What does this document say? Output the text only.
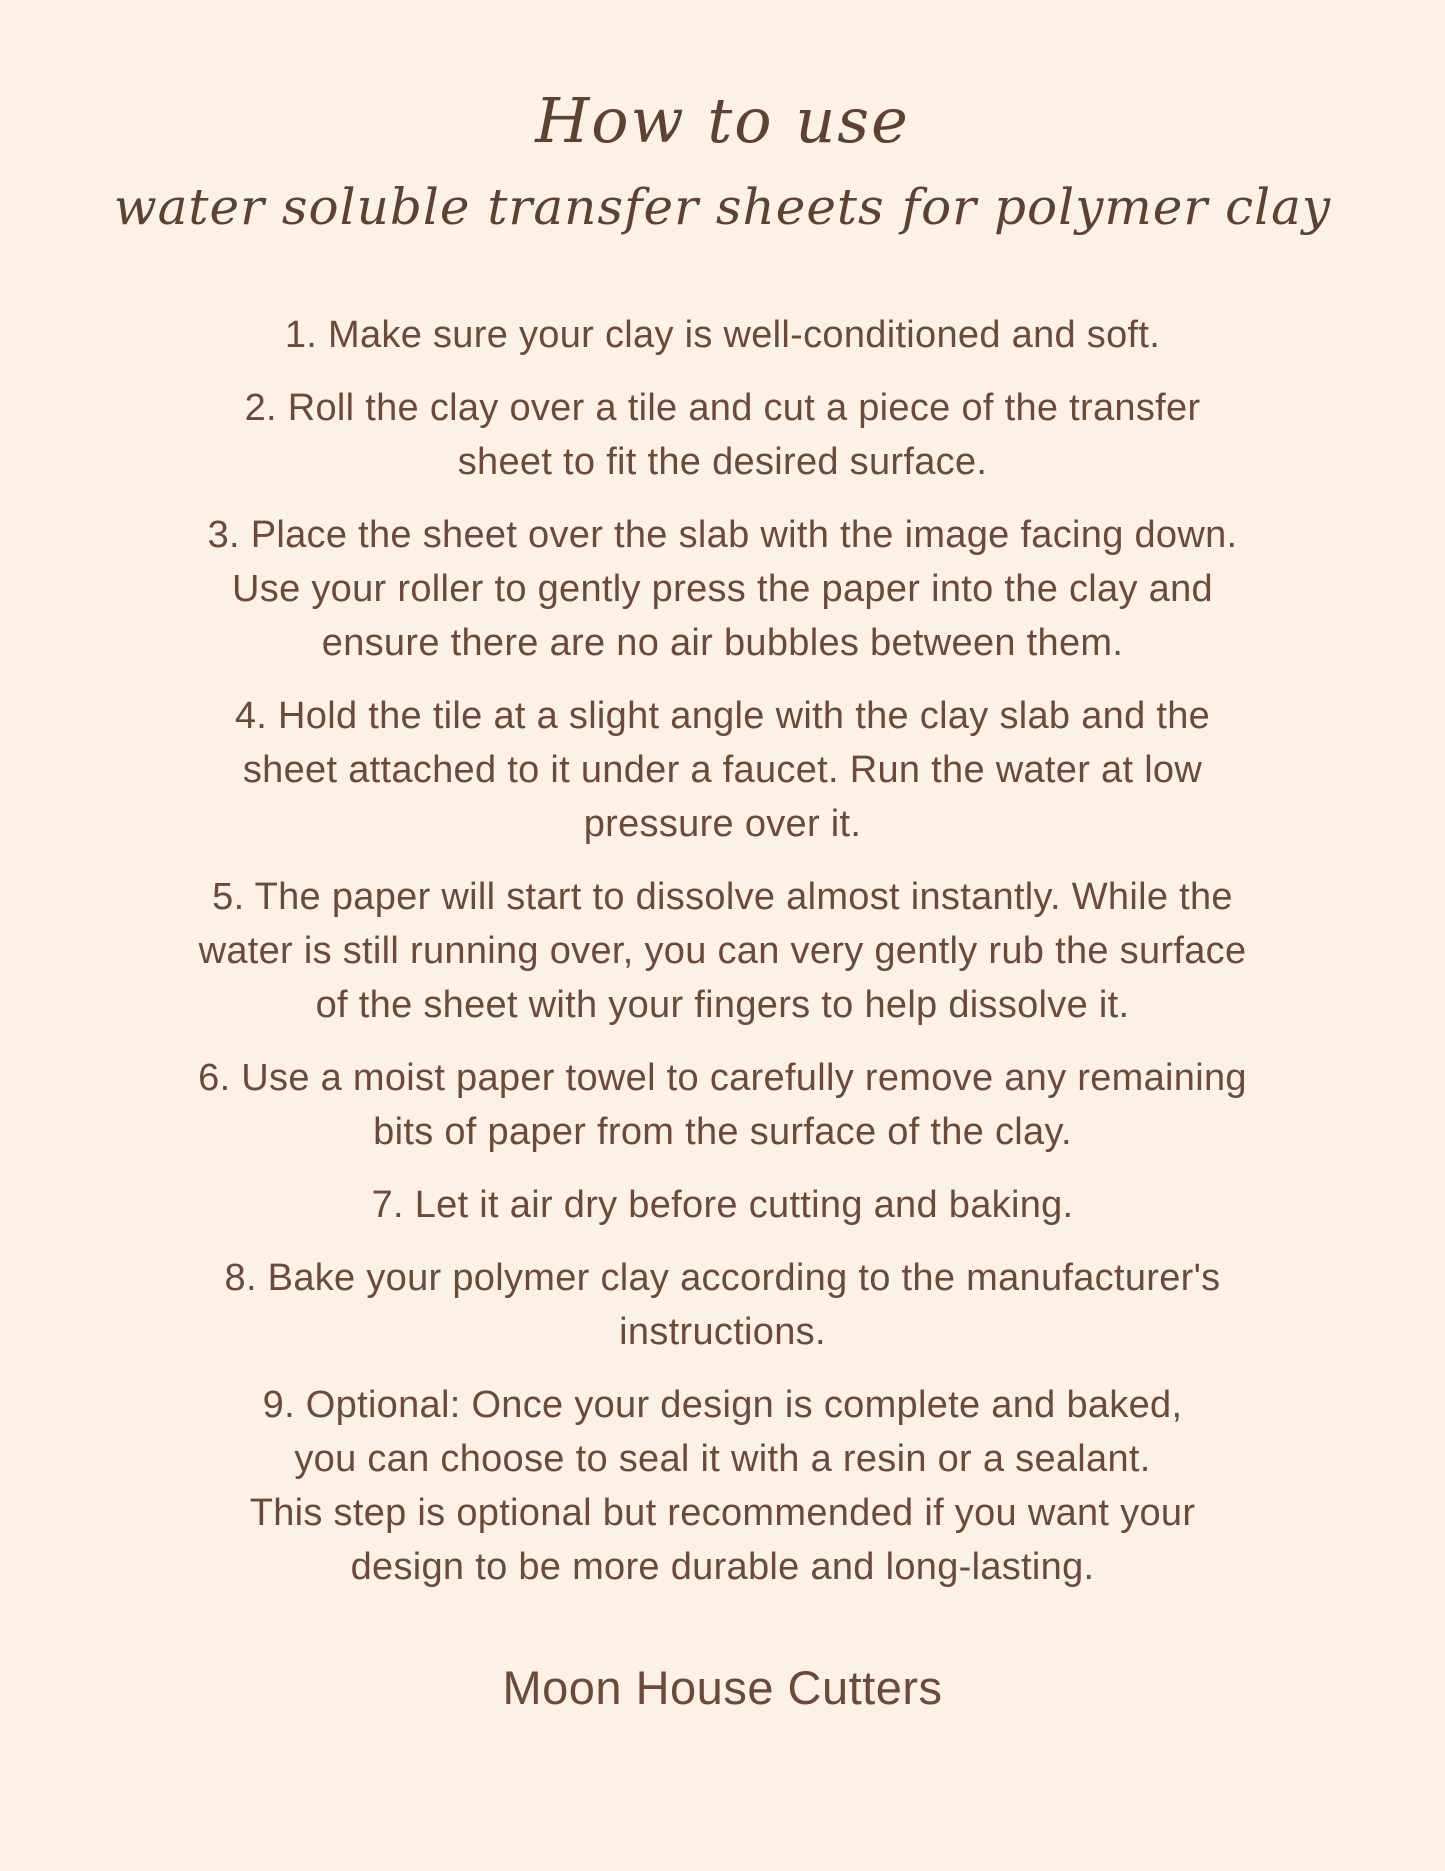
How to use
water soluble transfer sheets for polymer clay
1. Make sure your clay is well-conditioned and soft.
2. Roll the clay over a tile and cut a piece of the transfer
sheet to fit the desired surface.
3. Place the sheet over the slab with the image facing down.
Use your roller to gently press the paper into the clay and
ensure there are no air bubbles between them.
4. Hold the tile at a slight angle with the clay slab and the
sheet attached to it under a faucet. Run the water at low
pressure over it.
5. The paper will start to dissolve almost instantly. While the
water is still running over, you can very gently rub the surface
of the sheet with your fingers to help dissolve it.
6. Use a moist paper towel to carefully remove any remaining
bits of paper from the surface of the clay.
7. Let it air dry before cutting and baking.
8. Bake your polymer clay according to the manufacturer's
instructions.
9. Optional: Once your design is complete and baked,
you can choose to seal it with a resin or a sealant.
This step is optional but recommended if you want your
design to be more durable and long-lasting.
Moon House Cutters
